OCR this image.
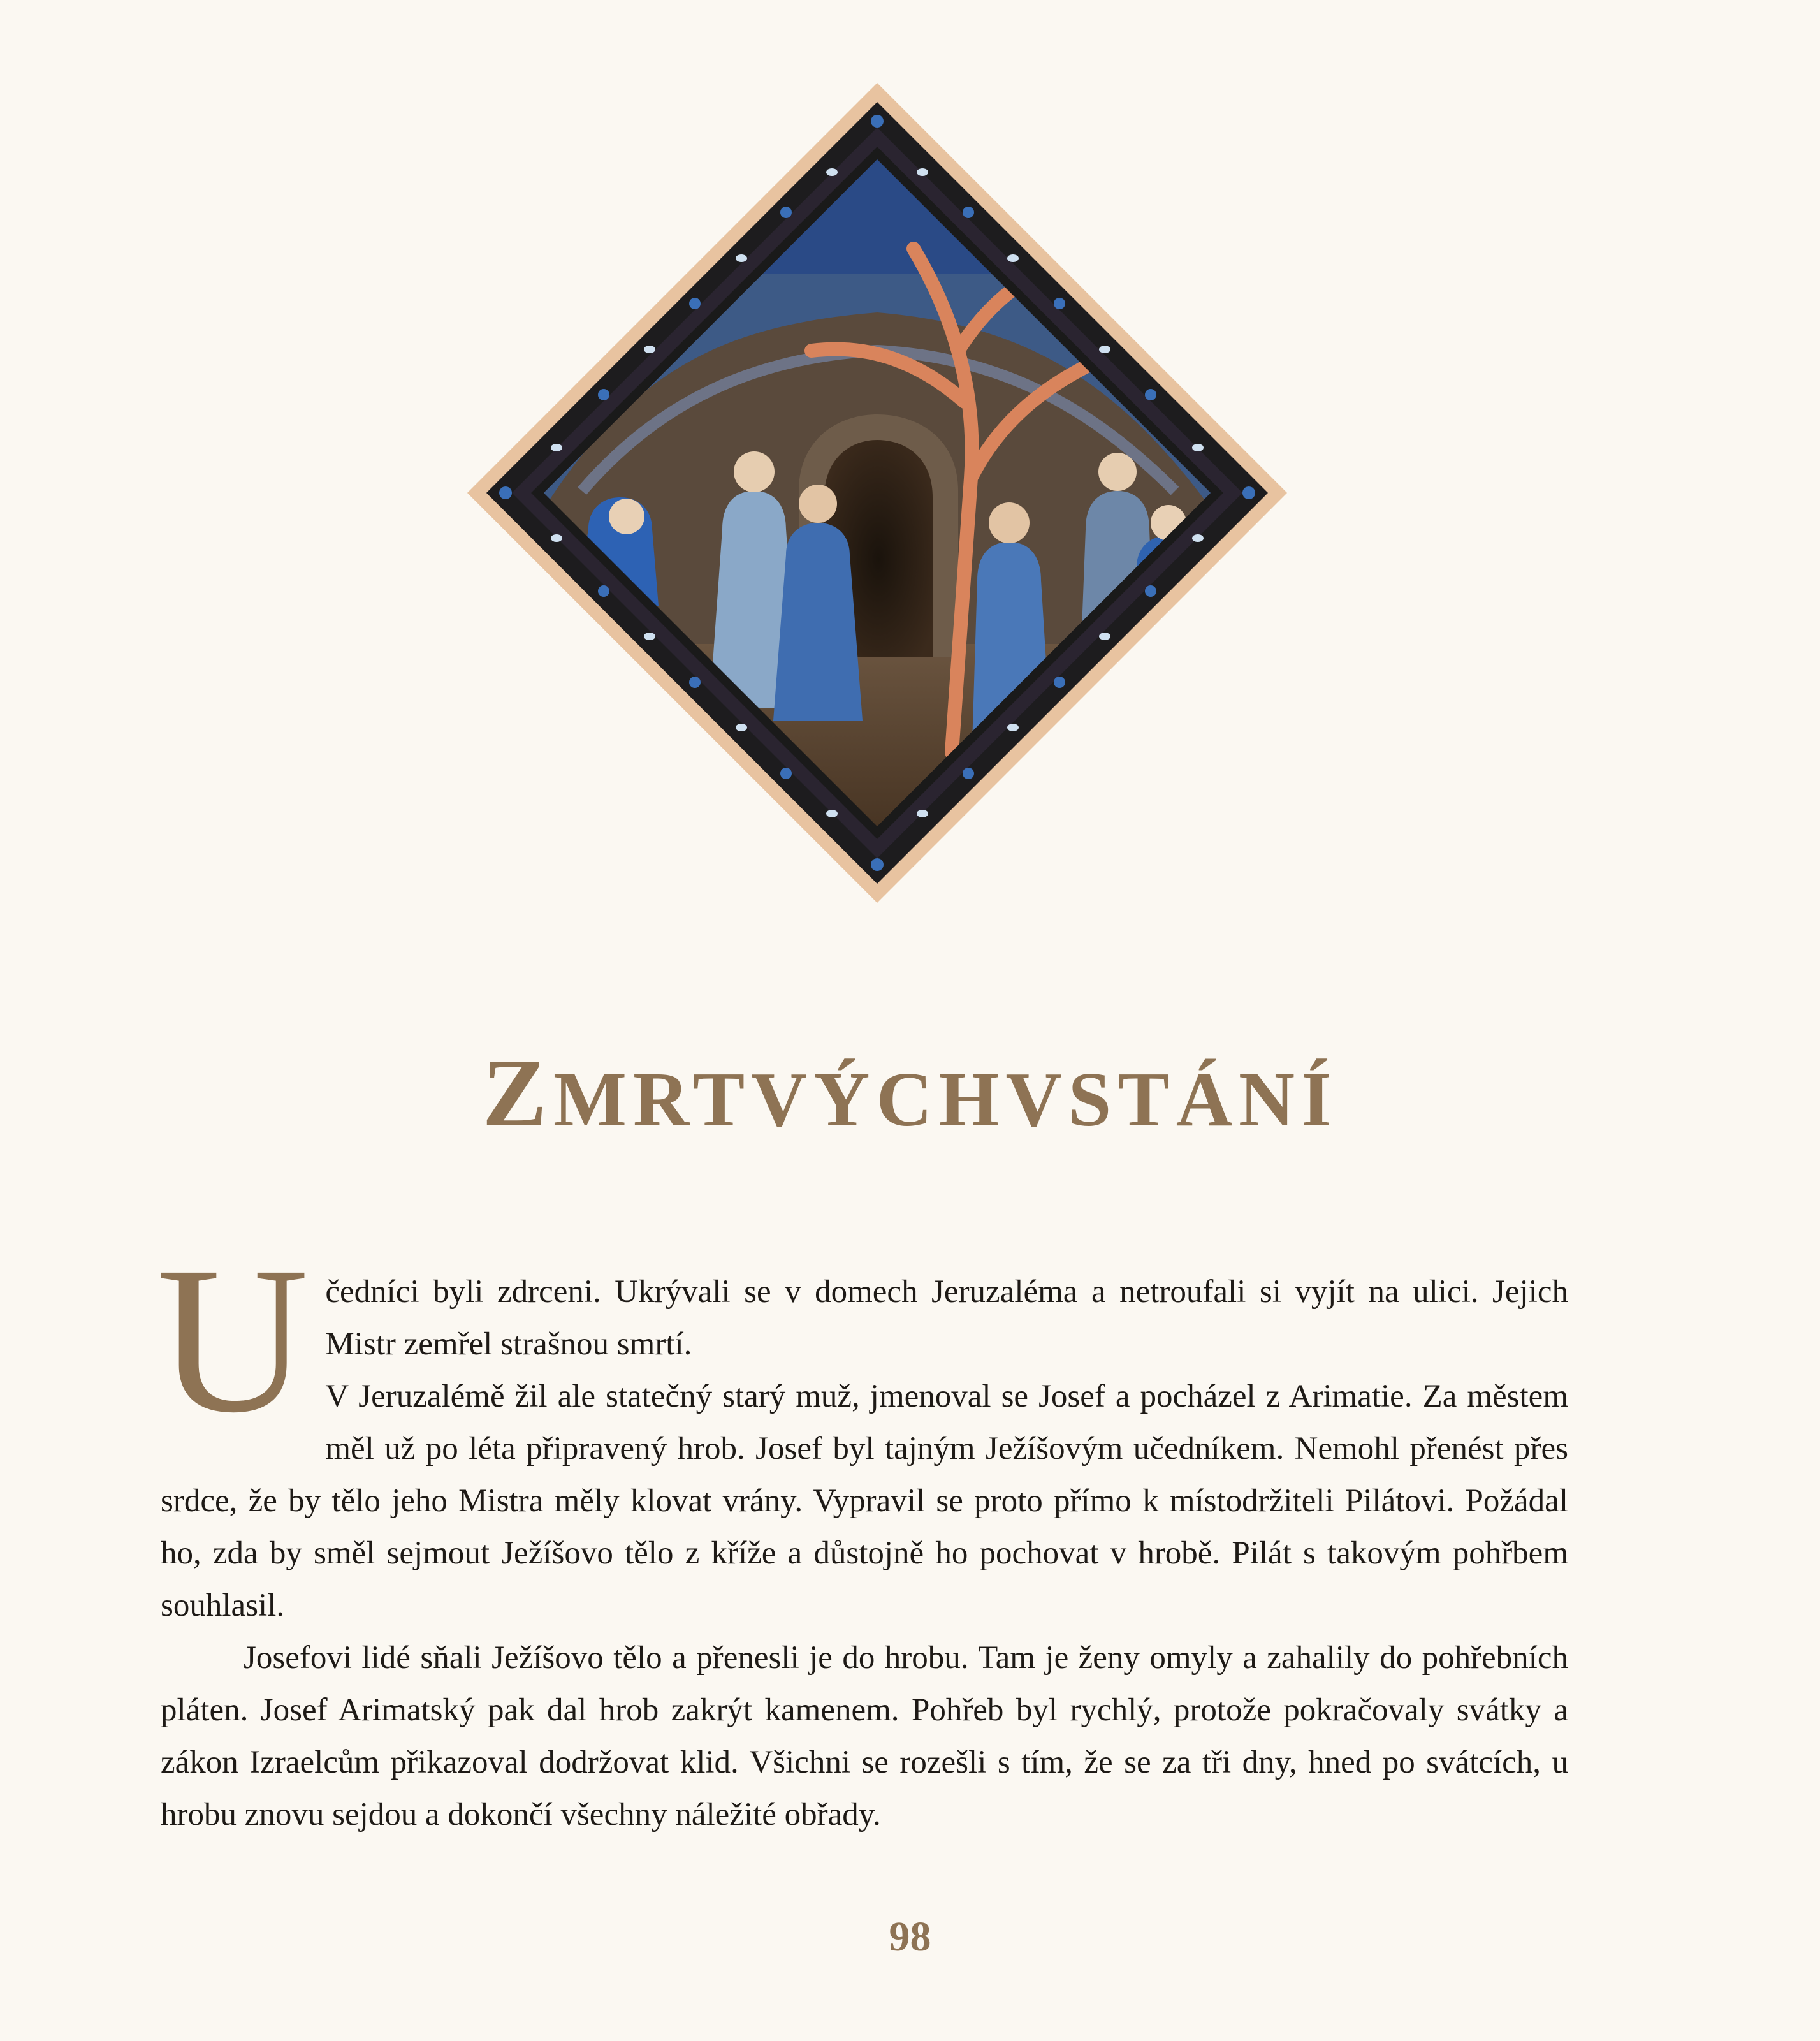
ZMRTVÝCHVSTÁNÍ
U čedníci byli zdrceni. Ukrývali se v domech Jeruzaléma a netroufali si vyjít na ulici. Jejich Mistr zemřel strašnou smrtí.

V Jeruzalémě žil ale statečný starý muž, jmenoval se Josef a pocházel z Arimatie. Za městem měl už po léta připravený hrob. Josef byl tajným Ježíšovým učedníkem. Nemohl přenést přes srdce, že by tělo jeho Mistra měly klovat vrány. Vypravil se proto přímo k místodržiteli Pilátovi. Požádal ho, zda by směl sejmout Ježíšovo tělo z kříže a důstojně ho pochovat v hrobě. Pilát s takovým pohřbem souhlasil.

Josefovi lidé sňali Ježíšovo tělo a přenesli je do hrobu. Tam je ženy omyly a zahalily do pohřebních pláten. Josef Arimatský pak dal hrob zakrýt kamenem. Pohřeb byl rychlý, protože pokračovaly svátky a zákon Izraelcům přikazoval dodržovat klid. Všichni se rozešli s tím, že se za tři dny, hned po svátcích, u hrobu znovu sejdou a dokončí všechny náležité obřady.

98
